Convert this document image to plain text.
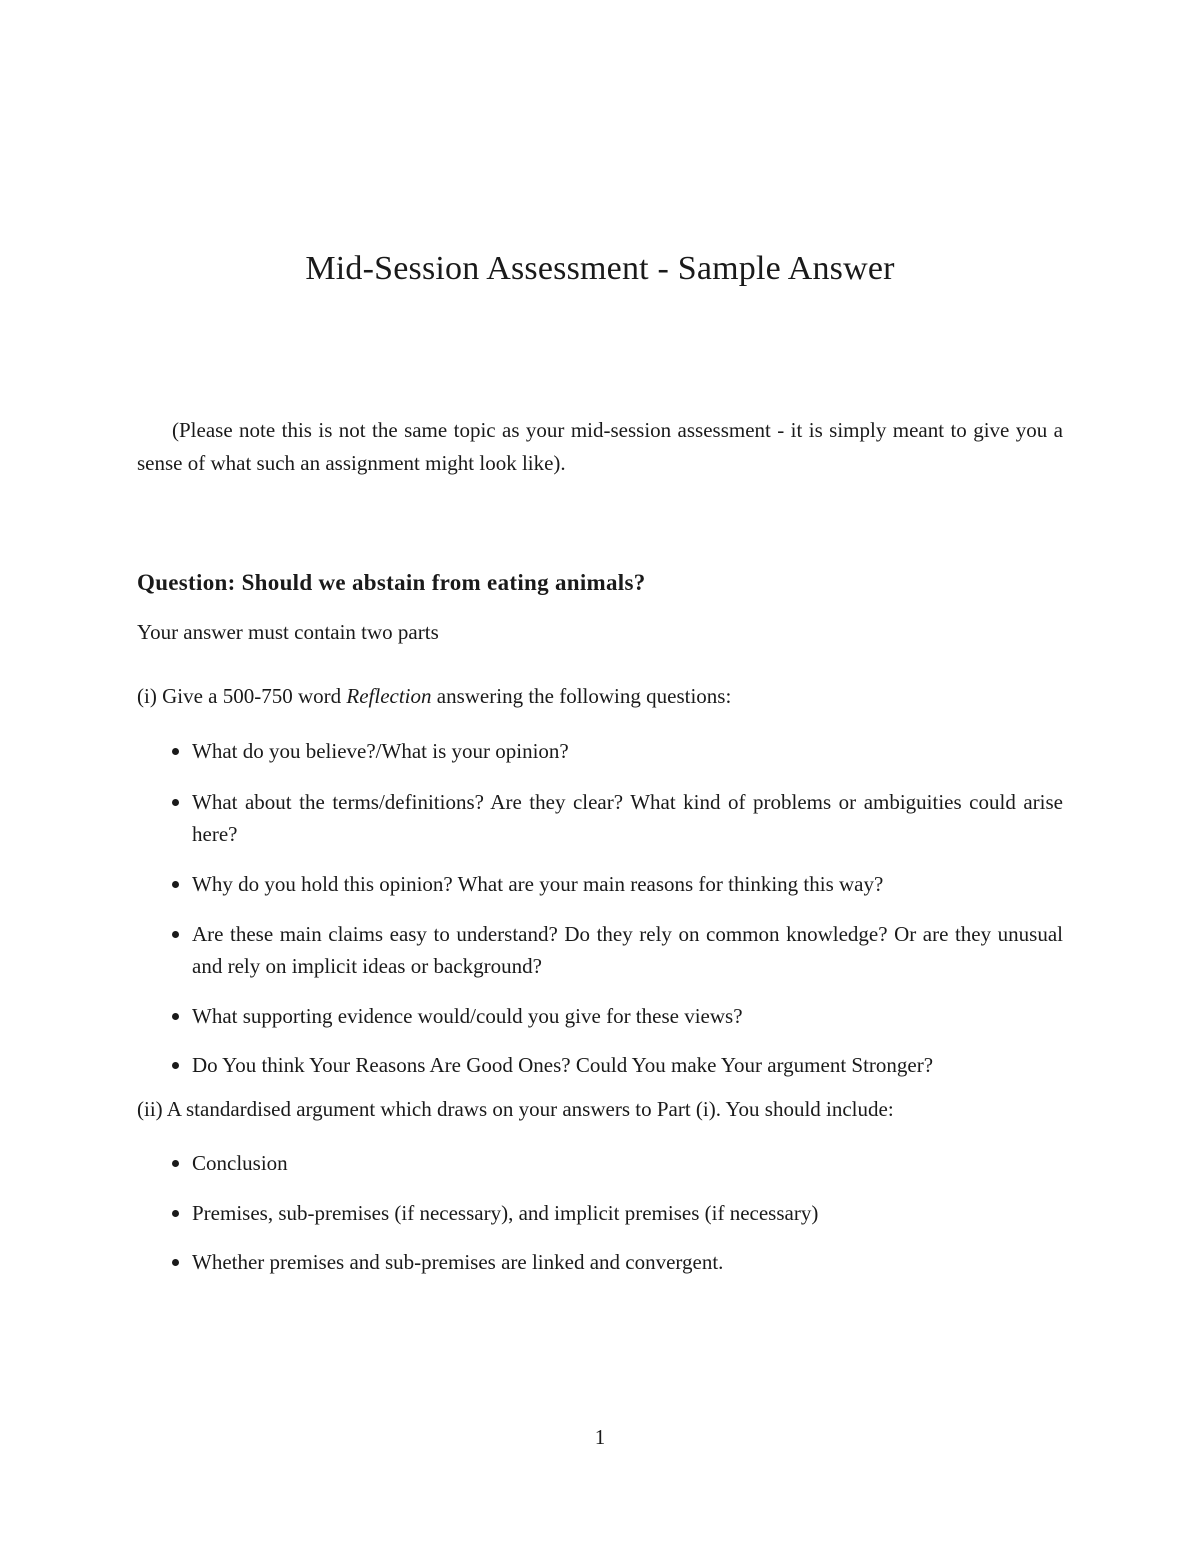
Mid-Session Assessment - Sample Answer

(Please note this is not the same topic as your mid-session assessment - it is simply meant to give you a sense of what such an assignment might look like).

Question: Should we abstain from eating animals?

Your answer must contain two parts

(i) Give a 500-750 word Reflection answering the following questions:

What do you believe?/What is your opinion?
What about the terms/definitions? Are they clear? What kind of problems or ambiguities could arise here?
Why do you hold this opinion? What are your main reasons for thinking this way?
Are these main claims easy to understand? Do they rely on common knowledge? Or are they unusual and rely on implicit ideas or background?
What supporting evidence would/could you give for these views?
Do You think Your Reasons Are Good Ones? Could You make Your argument Stronger?

(ii) A standardised argument which draws on your answers to Part (i). You should include:

Conclusion
Premises, sub-premises (if necessary), and implicit premises (if necessary)
Whether premises and sub-premises are linked and convergent.

1
